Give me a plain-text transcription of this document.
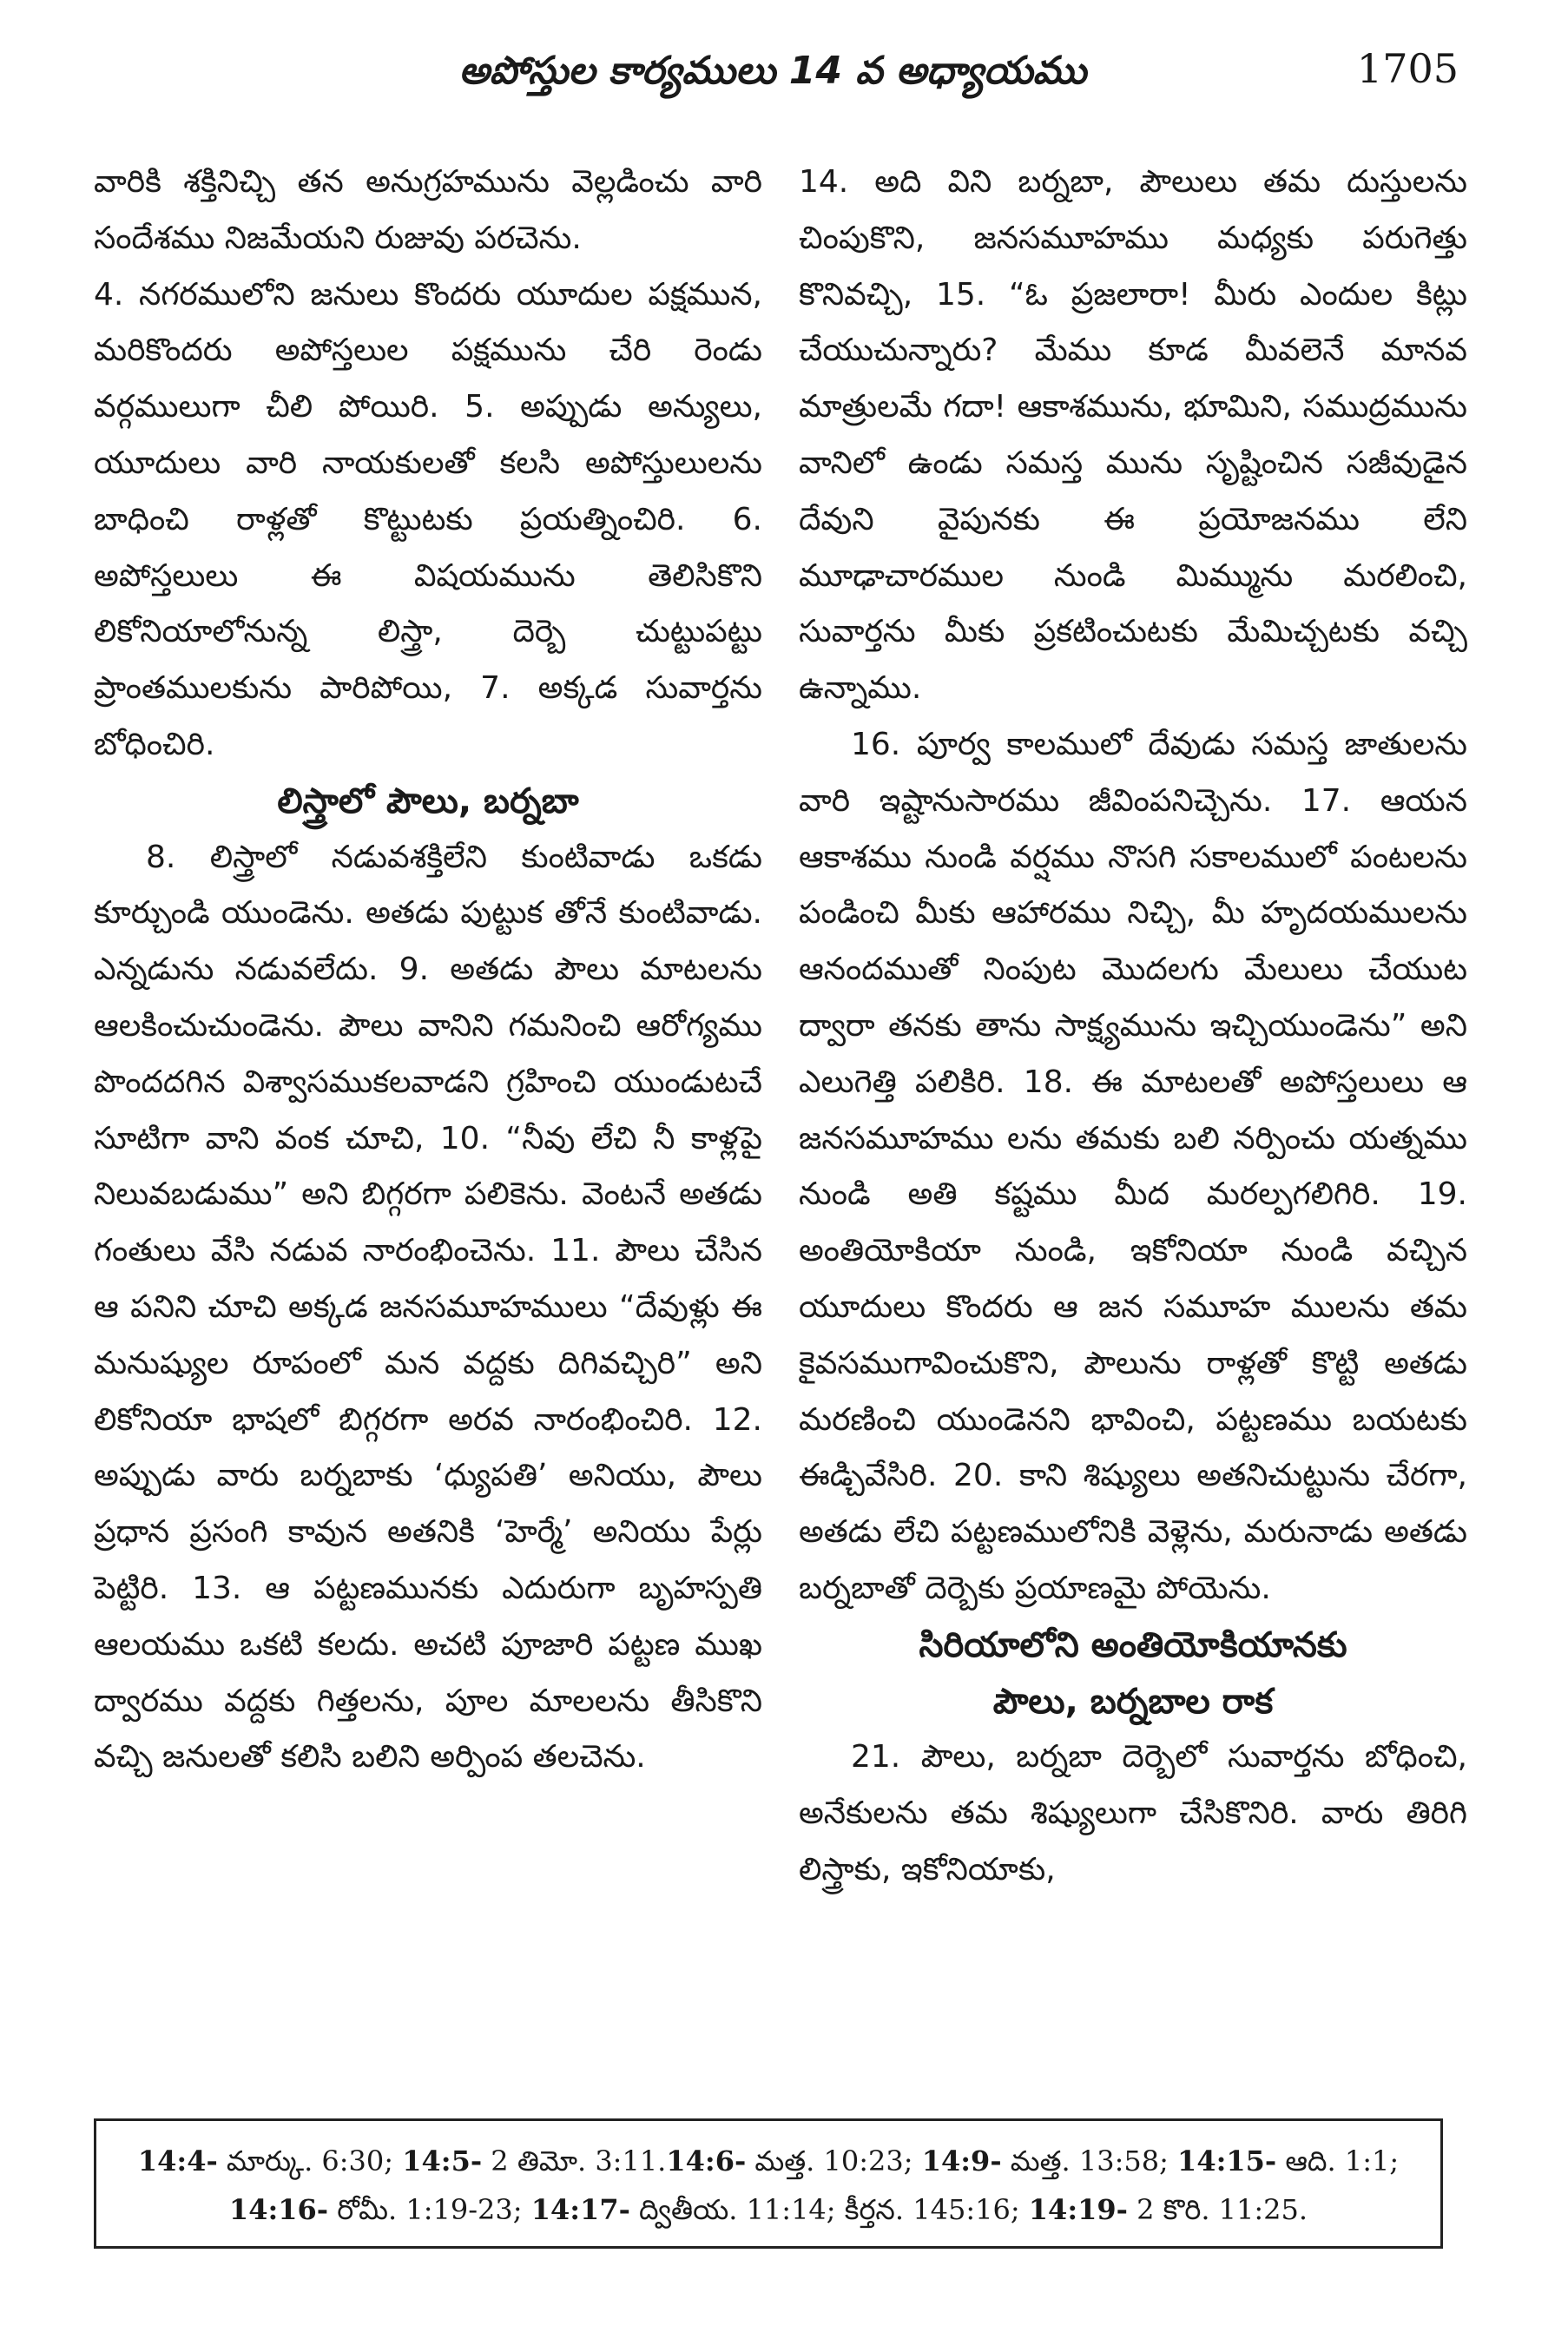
అపోస్తుల కార్యములు 14 వ అధ్యాయము	1705

వారికి శక్తినిచ్చి తన అనుగ్రహమును వెల్లడించు వారి సందేశము నిజమేయని రుజువు పరచెను.

4. నగరములోని జనులు కొందరు యూదుల పక్షమున, మరికొందరు అపోస్తలుల పక్షమును చేరి రెండు వర్గములుగా చీలి పోయిరి. 5. అప్పుడు అన్యులు, యూదులు వారి నాయకులతో కలసి అపోస్తులులను బాధించి రాళ్లతో కొట్టుటకు ప్రయత్నించిరి. 6. అపోస్తలులు ఈ విషయమును తెలిసికొని లికోనియాలోనున్న లిస్త్రా, దెర్బె చుట్టుపట్టు ప్రాంతములకును పారిపోయి, 7. అక్కడ సువార్తను బోధించిరి.

లిస్త్రాలో పౌలు, బర్నబా

8. లిస్త్రాలో నడువశక్తిలేని కుంటివాడు ఒకడు కూర్చుండి యుండెను. అతడు పుట్టుక తోనే కుంటివాడు. ఎన్నడును నడువలేదు. 9. అతడు పౌలు మాటలను ఆలకించుచుండెను. పౌలు వానిని గమనించి ఆరోగ్యము పొందదగిన విశ్వాసముకలవాడని గ్రహించి యుండుటచే సూటిగా వాని వంక చూచి, 10. “నీవు లేచి నీ కాళ్లపై నిలువబడుము” అని బిగ్గరగా పలికెను. వెంటనే అతడు గంతులు వేసి నడువ నారంభించెను. 11. పౌలు చేసిన ఆ పనిని చూచి అక్కడ జనసమూహములు “దేవుళ్లు ఈ మనుష్యుల రూపంలో మన వద్దకు దిగివచ్చిరి” అని లికోనియా భాషలో బిగ్గరగా అరవ నారంభించిరి. 12. అప్పుడు వారు బర్నబాకు ‘ధ్యుపతి’ అనియు, పౌలు ప్రధాన ప్రసంగి కావున అతనికి ‘హెర్మే’ అనియు పేర్లు పెట్టిరి. 13. ఆ పట్టణమునకు ఎదురుగా బృహస్పతి ఆలయము ఒకటి కలదు. అచటి పూజారి పట్టణ ముఖ ద్వారము వద్దకు గిత్తలను, పూల మాలలను తీసికొని వచ్చి జనులతో కలిసి బలిని అర్పింప తలచెను.

14. అది విని బర్నబా, పౌలులు తమ దుస్తులను చింపుకొని, జనసమూహము మధ్యకు పరుగెత్తు కొనివచ్చి, 15. “ఓ ప్రజలారా! మీరు ఎందుల కిట్లు చేయుచున్నారు? మేము కూడ మీవలెనే మానవ మాత్రులమే గదా! ఆకాశమును, భూమిని, సముద్రమును వానిలో ఉండు సమస్త మును సృష్టించిన సజీవుడైన దేవుని వైపునకు ఈ ప్రయోజనము లేని మూఢాచారముల నుండి మిమ్మును మరలించి, సువార్తను మీకు ప్రకటించుటకు మేమిచ్చటకు వచ్చి ఉన్నాము.

16. పూర్వ కాలములో దేవుడు సమస్త జాతులను వారి ఇష్టానుసారము జీవింపనిచ్చెను. 17. ఆయన ఆకాశము నుండి వర్షము నొసగి సకాలములో పంటలను పండించి మీకు ఆహారము నిచ్చి, మీ హృదయములను ఆనందముతో నింపుట మొదలగు మేలులు చేయుట ద్వారా తనకు తాను సాక్ష్యమును ఇచ్చియుండెను” అని ఎలుగెత్తి పలికిరి. 18. ఈ మాటలతో అపోస్తలులు ఆ జనసమూహము లను తమకు బలి నర్పించు యత్నము నుండి అతి కష్టము మీద మరల్పగలిగిరి. 19. అంతియోకియా నుండి, ఇకోనియా నుండి వచ్చిన యూదులు కొందరు ఆ జన సమూహ ములను తమ కైవసముగావించుకొని, పౌలును రాళ్లతో కొట్టి అతడు మరణించి యుండెనని భావించి, పట్టణము బయటకు ఈడ్చివేసిరి. 20. కాని శిష్యులు అతనిచుట్టును చేరగా, అతడు లేచి పట్టణములోనికి వెళ్లెను, మరునాడు అతడు బర్నబాతో దెర్బెకు ప్రయాణమై పోయెను.

సిరియాలోని అంతియోకియానకు

పౌలు, బర్నబాల రాక

21. పౌలు, బర్నబా దెర్బెలో సువార్తను బోధించి, అనేకులను తమ శిష్యులుగా చేసికొనిరి. వారు తిరిగి లిస్త్రాకు, ఇకోనియాకు,

14:4- మార్కు. 6:30; 14:5- 2 తిమో. 3:11.14:6- మత్త. 10:23; 14:9- మత్త. 13:58; 14:15- ఆది. 1:1; 14:16- రోమీ. 1:19-23; 14:17- ద్వితీయ. 11:14; కీర్తన. 145:16; 14:19- 2 కొరి. 11:25.
